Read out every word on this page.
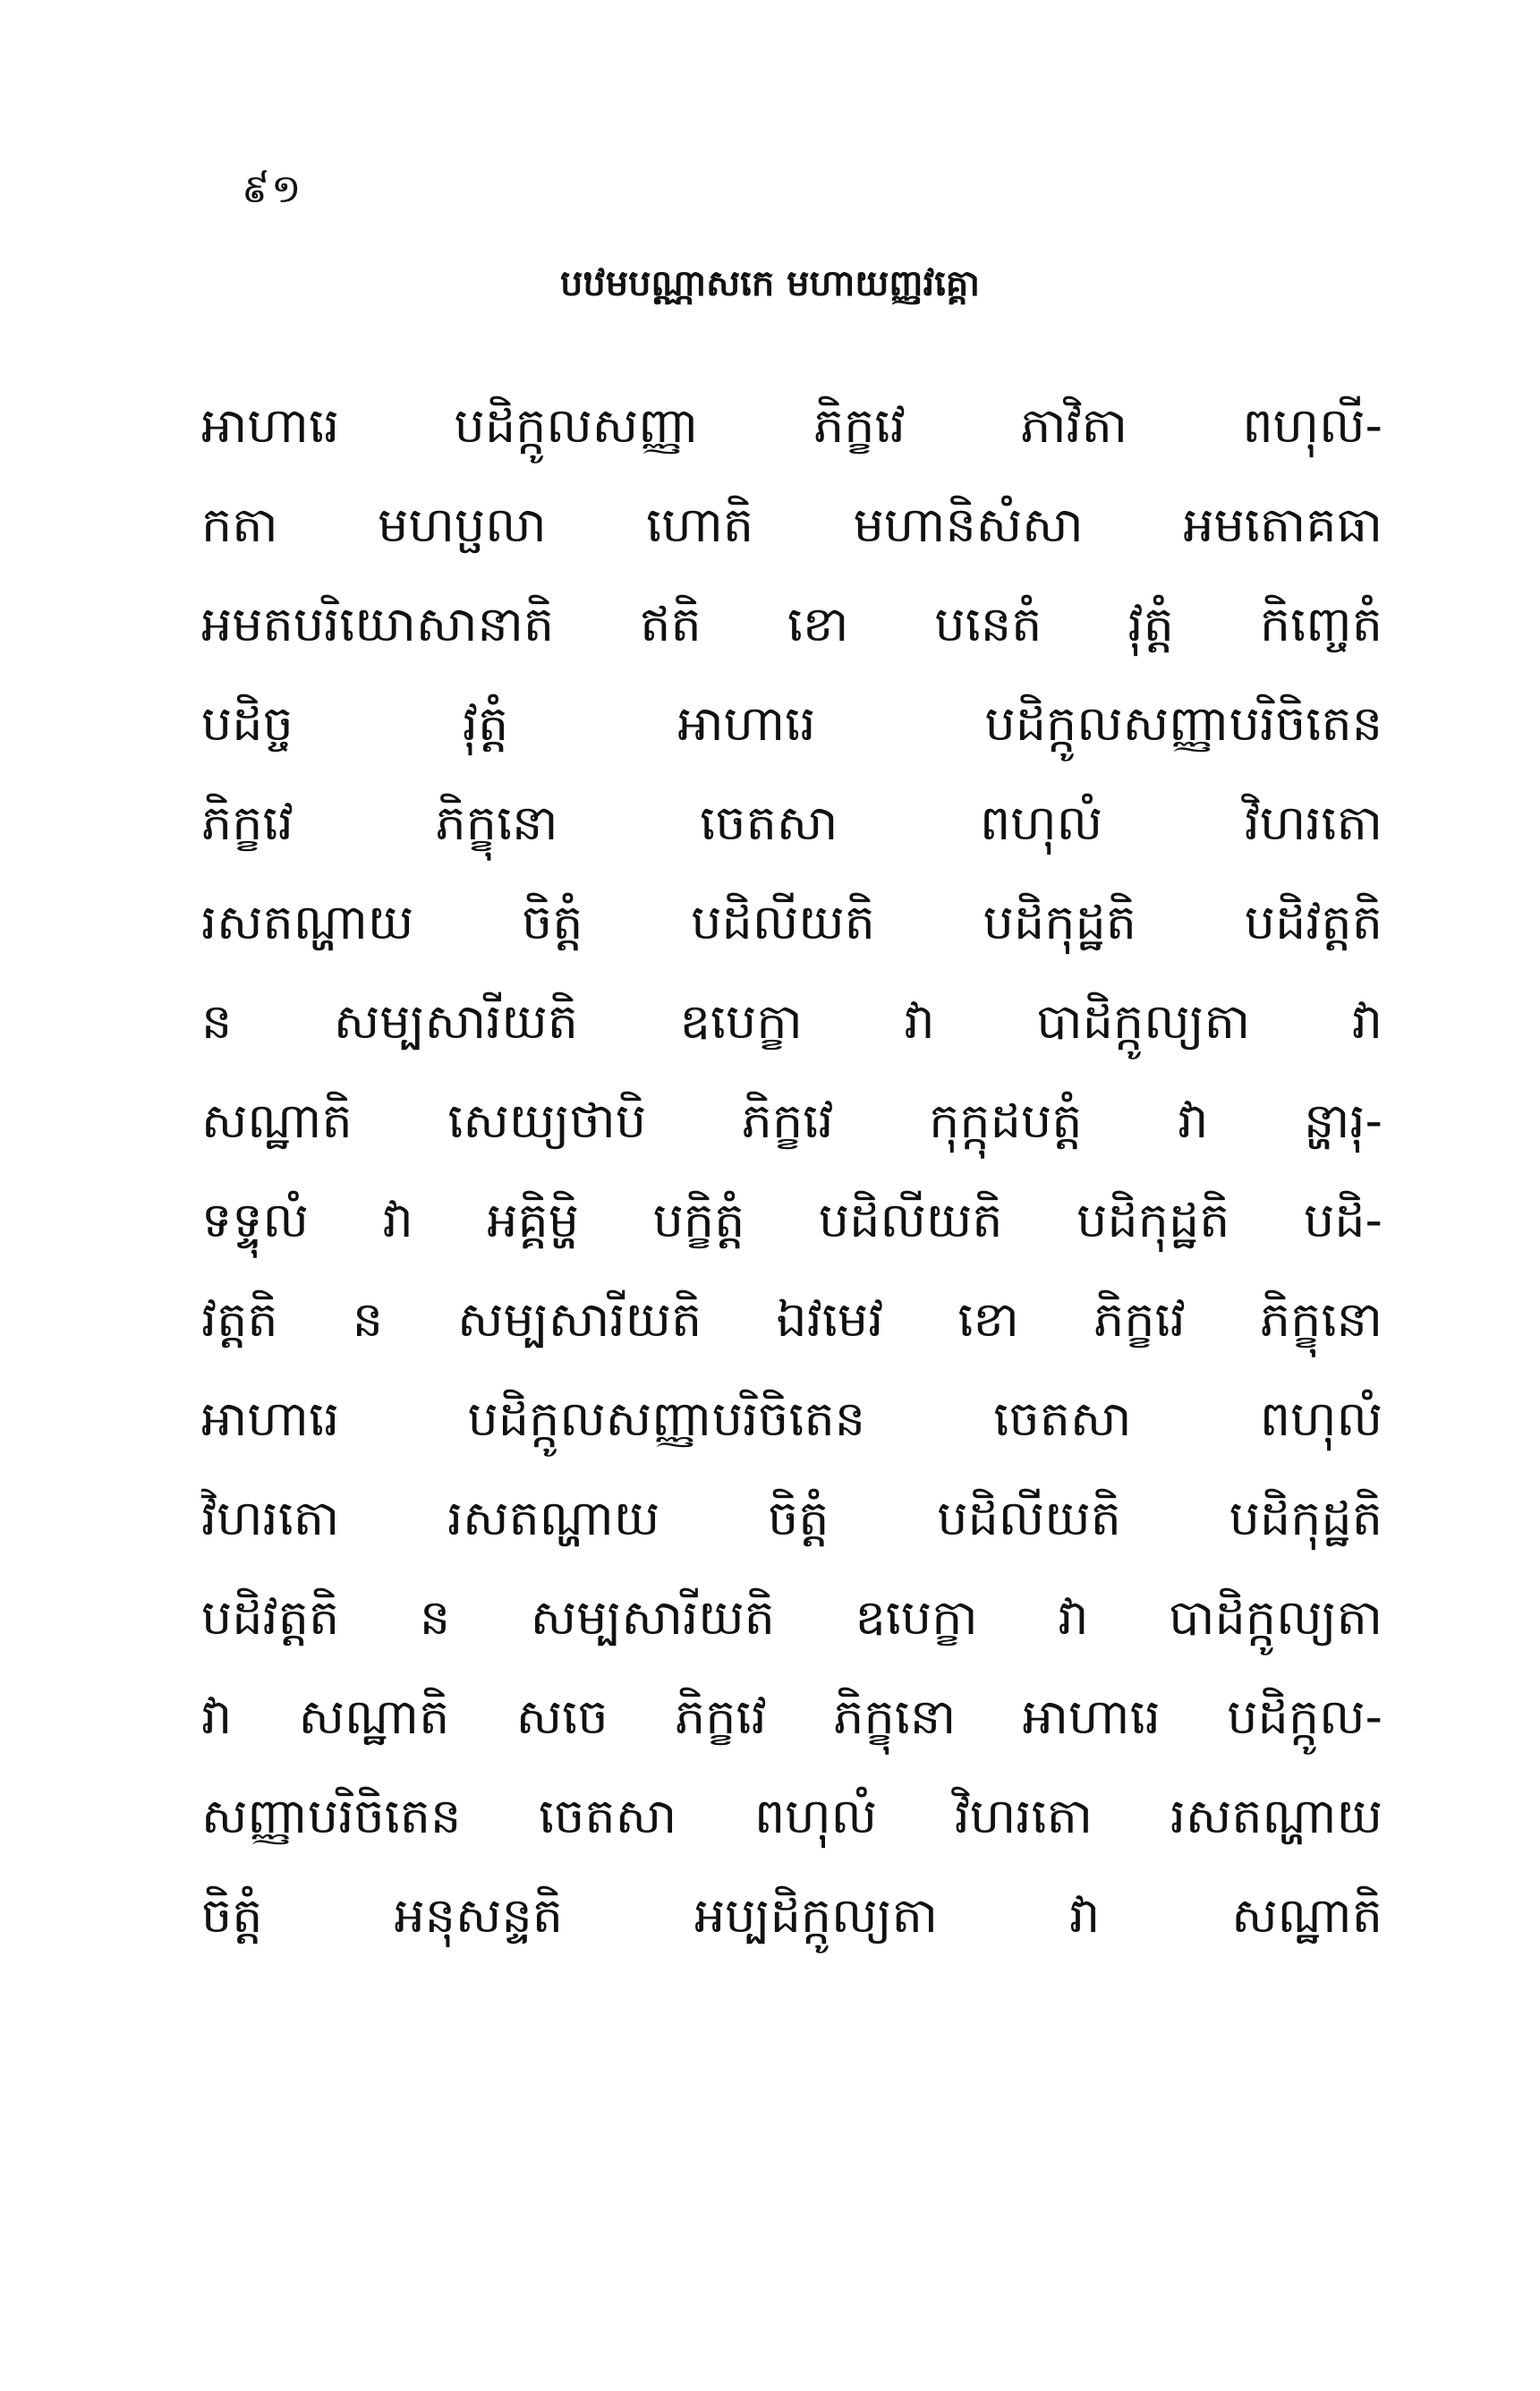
៩១
បឋមបណ្ណាសកេ មហាយញ្ញវគ្គោ
អាហារេ បដិក្កូលសញ្ញា ភិក្ខវេ ភាវិតា ពហុលី-
កតា មហប្ផលា ហោតិ មហានិសំសា អមតោគធា
អមតបរិយោសានាតិ ឥតិ ខោ បនេតំ វុត្តំ កិញ្ចេតំ
បដិច្ច វុត្តំ អាហារេ បដិក្កូលសញ្ញាបរិចិតេន
ភិក្ខវេ ភិក្ខុនោ ចេតសា ពហុលំ វិហរតោ
រសតណ្ហាយ ចិត្តំ បដិលីយតិ បដិកុដ្ឋតិ បដិវត្តតិ
ន សម្បសារីយតិ ឧបេក្ខា វា បាដិក្កូល្យតា វា
សណ្ឋាតិ សេយ្យថាបិ ភិក្ខវេ កុក្កុដបត្តំ វា ន្ហារុ-
ទទ្ទុលំ វា អគ្គិម្ហិ បក្ខិត្តំ បដិលីយតិ បដិកុដ្ឋតិ បដិ-
វត្តតិ ន សម្បសារីយតិ ឯវមេវ ខោ ភិក្ខវេ ភិក្ខុនោ
អាហារេ បដិក្កូលសញ្ញាបរិចិតេន ចេតសា ពហុលំ
វិហរតោ រសតណ្ហាយ ចិត្តំ បដិលីយតិ បដិកុដ្ឋតិ
បដិវត្តតិ ន សម្បសារីយតិ ឧបេក្ខា វា បាដិក្កូល្យតា
វា សណ្ឋាតិ សចេ ភិក្ខវេ ភិក្ខុនោ អាហារេ បដិក្កូល-
សញ្ញាបរិចិតេន ចេតសា ពហុលំ វិហរតោ រសតណ្ហាយ
ចិត្តំ អនុសន្ទតិ អប្បដិក្កូល្យតា វា សណ្ឋាតិ
